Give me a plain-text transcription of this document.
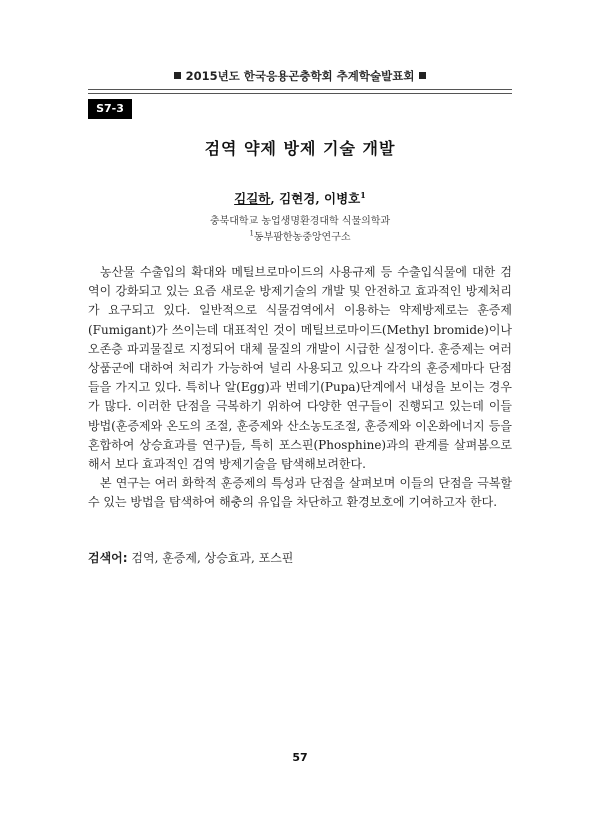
2015년도 한국응용곤충학회 추계학술발표회
S7-3
검역 약제 방제 기술 개발
김길하, 김현경, 이병호$^1$
충북대학교 농업생명환경대학 식물의학과
$^1$동부팜한농중앙연구소

농산물 수출입의 확대와 메틸브로마이드의 사용규제 등 수출입식물에 대한 검역이 강화되고 있는 요즘 새로운 방제기술의 개발 및 안전하고 효과적인 방제처리가 요구되고 있다. 일반적으로 식물검역에서 이용하는 약제방제로는 훈증제(Fumigant)가 쓰이는데 대표적인 것이 메틸브로마이드(Methyl bromide)이나 오존층 파괴물질로 지정되어 대체 물질의 개발이 시급한 실정이다. 훈증제는 여러상품군에 대하여 처리가 가능하여 널리 사용되고 있으나 각각의 훈증제마다 단점들을 가지고 있다. 특히나 알(Egg)과 번데기(Pupa)단계에서 내성을 보이는 경우가 많다. 이러한 단점을 극복하기 위하여 다양한 연구들이 진행되고 있는데 이들 방법(훈증제와 온도의 조절, 훈증제와 산소농도조절, 훈증제와 이온화에너지 등을 혼합하여 상승효과를 연구)들, 특히 포스핀(Phosphine)과의 관계를 살펴봄으로 해서 보다 효과적인 검역 방제기술을 탐색해보려한다.

본 연구는 여러 화학적 훈증제의 특성과 단점을 살펴보며 이들의 단점을 극복할 수 있는 방법을 탐색하여 해충의 유입을 차단하고 환경보호에 기여하고자 한다.

검색어: 검역, 훈증제, 상승효과, 포스핀
57
